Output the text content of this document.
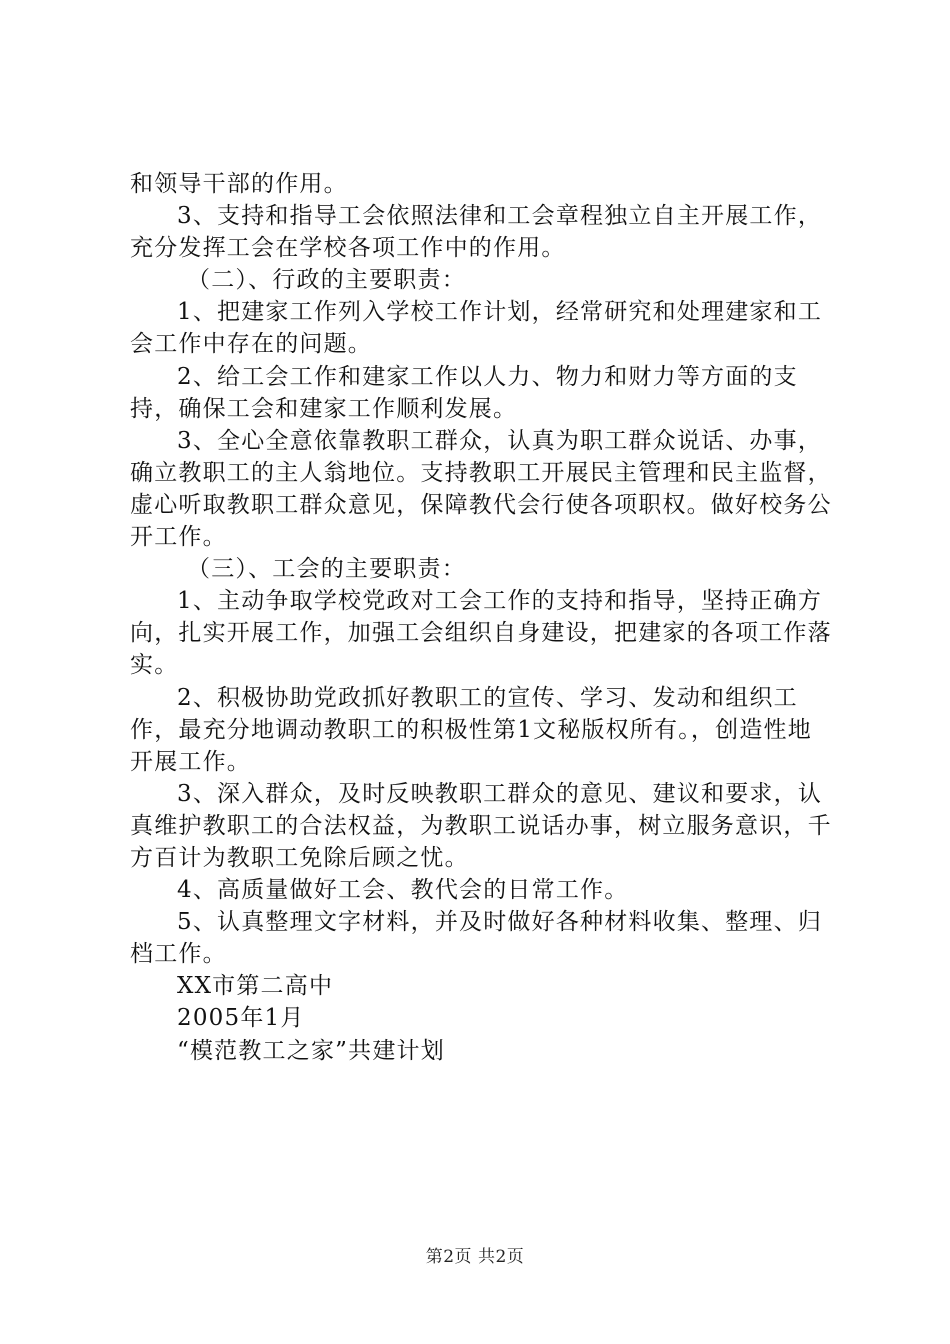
和领导干部的作用。

3、支持和指导工会依照法律和工会章程独立自主开展工作，充分发挥工会在学校各项工作中的作用。

（二）、行政的主要职责：

1、把建家工作列入学校工作计划，经常研究和处理建家和工会工作中存在的问题。

2、给工会工作和建家工作以人力、物力和财力等方面的支持，确保工会和建家工作顺利发展。

3、全心全意依靠教职工群众，认真为职工群众说话、办事，确立教职工的主人翁地位。支持教职工开展民主管理和民主监督，虚心听取教职工群众意见，保障教代会行使各项职权。做好校务公开工作。

（三）、工会的主要职责：

1、主动争取学校党政对工会工作的支持和指导，坚持正确方向，扎实开展工作，加强工会组织自身建设，把建家的各项工作落实。

2、积极协助党政抓好教职工的宣传、学习、发动和组织工作，最充分地调动教职工的积极性第1文秘版权所有。，创造性地开展工作。

3、深入群众，及时反映教职工群众的意见、建议和要求，认真维护教职工的合法权益，为教职工说话办事，树立服务意识，千方百计为教职工免除后顾之忧。

4、高质量做好工会、教代会的日常工作。

5、认真整理文字材料，并及时做好各种材料收集、整理、归档工作。

XX市第二高中

2005年1月

“模范教工之家”共建计划

第2页 共2页
